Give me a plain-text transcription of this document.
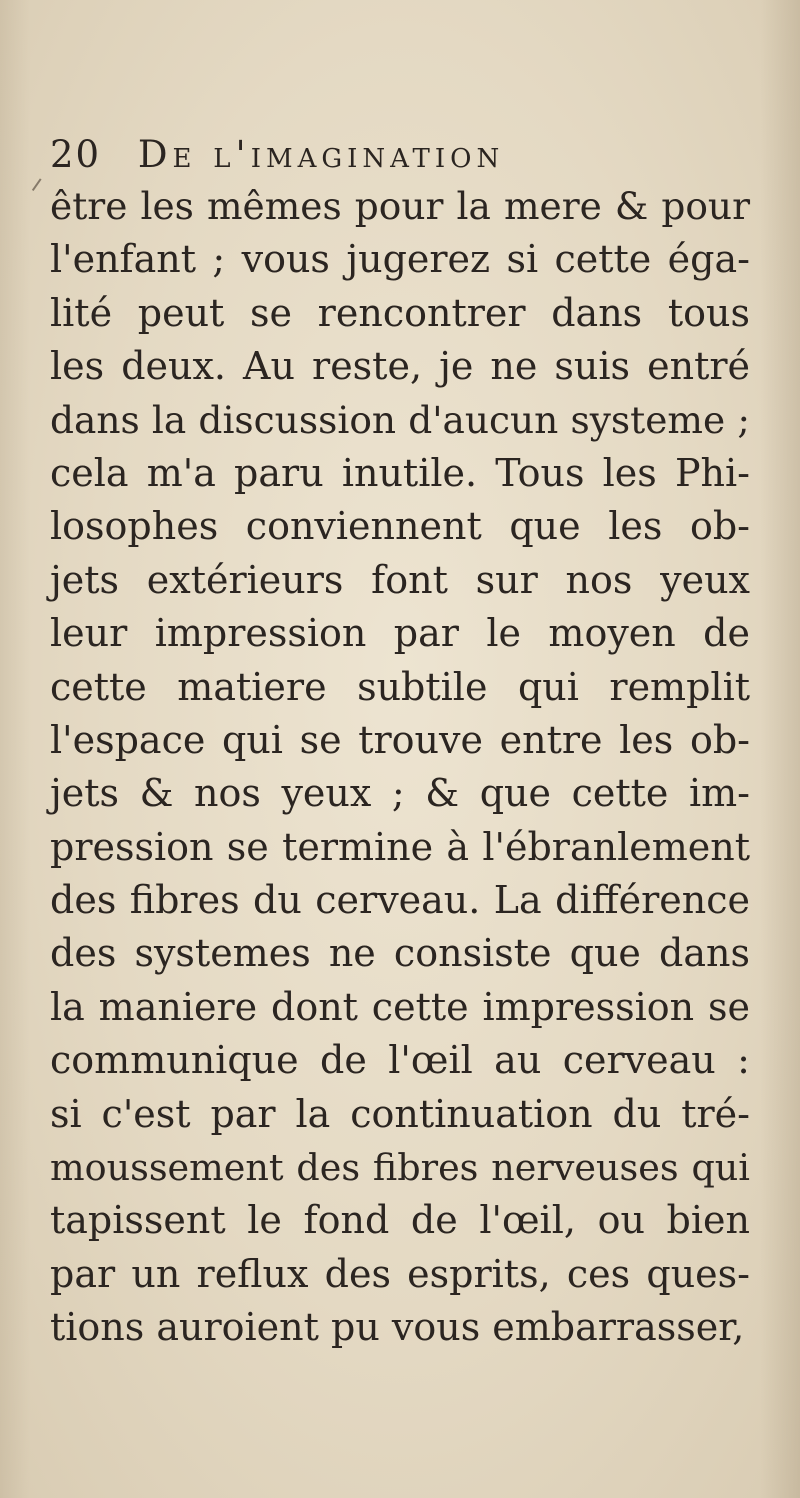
20 De l'imagination
être les mêmes pour la mere & pour
l'enfant ; vous jugerez si cette éga-
lité peut se rencontrer dans tous
les deux. Au reste, je ne suis entré
dans la discussion d'aucun systeme ;
cela m'a paru inutile. Tous les Phi-
losophes conviennent que les ob-
jets extérieurs font sur nos yeux
leur impression par le moyen de
cette matiere subtile qui remplit
l'espace qui se trouve entre les ob-
jets & nos yeux ; & que cette im-
pression se termine à l'ébranlement
des fibres du cerveau. La différence
des systemes ne consiste que dans
la maniere dont cette impression se
communique de l'œil au cerveau :
si c'est par la continuation du tré-
moussement des fibres nerveuses qui
tapissent le fond de l'œil, ou bien
par un reflux des esprits, ces ques-
tions auroient pu vous embarrasser,
